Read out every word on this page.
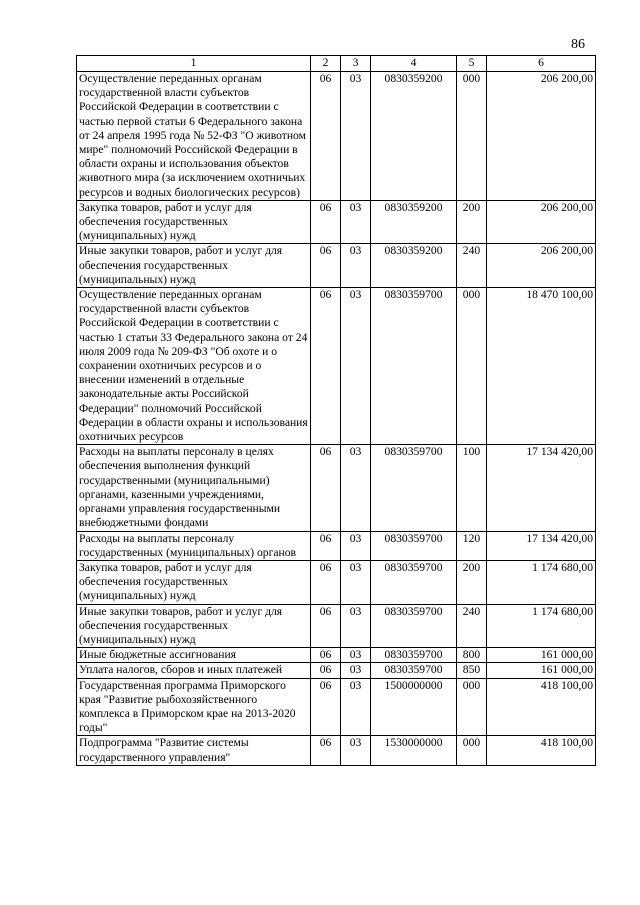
86
1	2	3	4	5	6
Осуществление переданных органам государственной власти субъектов Российской Федерации в соответствии с частью первой статьи 6 Федерального закона от 24 апреля 1995 года № 52-ФЗ "О животном мире" полномочий Российской Федерации в области охраны и использования объектов животного мира (за исключением охотничьих ресурсов и водных биологических ресурсов)	06	03	0830359200	000	206 200,00
Закупка товаров, работ и услуг для обеспечения государственных (муниципальных) нужд	06	03	0830359200	200	206 200,00
Иные закупки товаров, работ и услуг для обеспечения государственных (муниципальных) нужд	06	03	0830359200	240	206 200,00
Осуществление переданных органам государственной власти субъектов Российской Федерации в соответствии с частью 1 статьи 33 Федерального закона от 24 июля 2009 года № 209-ФЗ "Об охоте и о сохранении охотничьих ресурсов и о внесении изменений в отдельные законодательные акты Российской Федерации" полномочий Российской Федерации в области охраны и использования охотничьих ресурсов	06	03	0830359700	000	18 470 100,00
Расходы на выплаты персоналу в целях обеспечения выполнения функций государственными (муниципальными) органами, казенными учреждениями, органами управления государственными внебюджетными фондами	06	03	0830359700	100	17 134 420,00
Расходы на выплаты персоналу государственных (муниципальных) органов	06	03	0830359700	120	17 134 420,00
Закупка товаров, работ и услуг для обеспечения государственных (муниципальных) нужд	06	03	0830359700	200	1 174 680,00
Иные закупки товаров, работ и услуг для обеспечения государственных (муниципальных) нужд	06	03	0830359700	240	1 174 680,00
Иные бюджетные ассигнования	06	03	0830359700	800	161 000,00
Уплата налогов, сборов и иных платежей	06	03	0830359700	850	161 000,00
Государственная программа Приморского края "Развитие рыбохозяйственного комплекса в Приморском крае на 2013-2020 годы"	06	03	1500000000	000	418 100,00
Подпрограмма "Развитие системы государственного управления"	06	03	1530000000	000	418 100,00
